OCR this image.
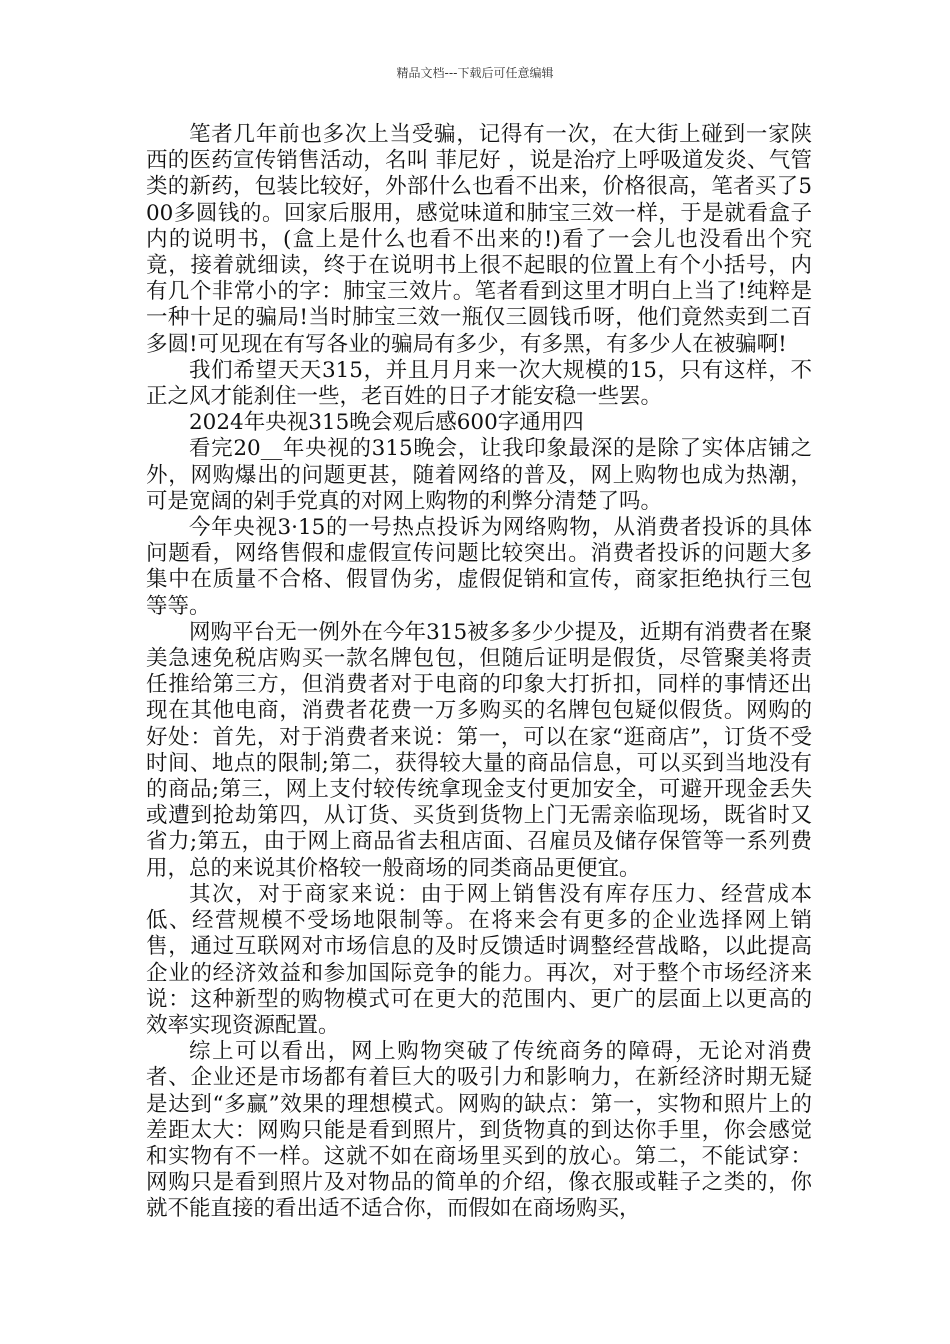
精品文档---下载后可任意编辑

笔者几年前也多次上当受骗，记得有一次，在大街上碰到一家陕西的医药宣传销售活动，名叫 菲尼好 ，说是治疗上呼吸道发炎、气管类的新药，包装比较好，外部什么也看不出来，价格很高，笔者买了500多圆钱的。回家后服用，感觉味道和肺宝三效一样，于是就看盒子内的说明书，(盒上是什么也看不出来的!)看了一会儿也没看出个究竟，接着就细读，终于在说明书上很不起眼的位置上有个小括号，内有几个非常小的字：肺宝三效片。笔者看到这里才明白上当了!纯粹是一种十足的骗局!当时肺宝三效一瓶仅三圆钱币呀，他们竟然卖到二百多圆!可见现在有写各业的骗局有多少，有多黑，有多少人在被骗啊!

我们希望天天315，并且月月来一次大规模的15，只有这样，不正之风才能刹住一些，老百姓的日子才能安稳一些罢。

2024年央视315晚会观后感600字通用四

看完20__年央视的315晚会，让我印象最深的是除了实体店铺之外，网购爆出的问题更甚，随着网络的普及，网上购物也成为热潮，可是宽阔的剁手党真的对网上购物的利弊分清楚了吗。

今年央视3·15的一号热点投诉为网络购物，从消费者投诉的具体问题看，网络售假和虚假宣传问题比较突出。消费者投诉的问题大多集中在质量不合格、假冒伪劣，虚假促销和宣传，商家拒绝执行三包等等。

网购平台无一例外在今年315被多多少少提及，近期有消费者在聚美急速免税店购买一款名牌包包，但随后证明是假货，尽管聚美将责任推给第三方，但消费者对于电商的印象大打折扣，同样的事情还出现在其他电商，消费者花费一万多购买的名牌包包疑似假货。网购的好处：首先，对于消费者来说：第一，可以在家“逛商店”，订货不受时间、地点的限制;第二，获得较大量的商品信息，可以买到当地没有的商品;第三，网上支付较传统拿现金支付更加安全，可避开现金丢失或遭到抢劫第四，从订货、买货到货物上门无需亲临现场，既省时又省力;第五，由于网上商品省去租店面、召雇员及储存保管等一系列费用，总的来说其价格较一般商场的同类商品更便宜。

其次，对于商家来说：由于网上销售没有库存压力、经营成本低、经营规模不受场地限制等。在将来会有更多的企业选择网上销售，通过互联网对市场信息的及时反馈适时调整经营战略，以此提高企业的经济效益和参加国际竞争的能力。再次，对于整个市场经济来说：这种新型的购物模式可在更大的范围内、更广的层面上以更高的效率实现资源配置。

综上可以看出，网上购物突破了传统商务的障碍，无论对消费者、企业还是市场都有着巨大的吸引力和影响力，在新经济时期无疑是达到“多赢”效果的理想模式。网购的缺点：第一，实物和照片上的差距太大：网购只能是看到照片，到货物真的到达你手里，你会感觉和实物有不一样。这就不如在商场里买到的放心。第二，不能试穿：网购只是看到照片及对物品的简单的介绍，像衣服或鞋子之类的，你就不能直接的看出适不适合你，而假如在商场购买，
